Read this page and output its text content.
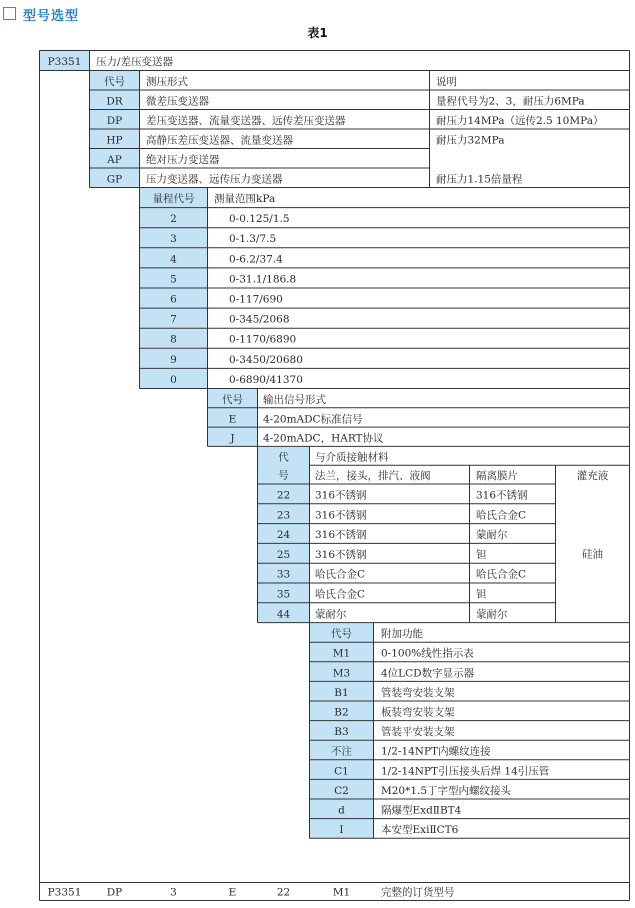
型号选型
表1
P3351 压力/差压变送器
代号 测压形式	说明
DR 微差压变送器	量程代号为2、3，耐压力6MPa
DP 差压变送器、流量变送器、远传差压变送器	耐压力14MPa（远传2.5 10MPa）
HP 高静压差压变送器、流量变送器	耐压力32MPa
AP 绝对压力变送器
GP 压力变送器、远传压力变送器	耐压力1.15倍量程
量程代号 测量范围kPa
2	0-0.125/1.5
3	0-1.3/7.5
4	0-6.2/37.4
5	0-31.1/186.8
6	0-117/690
7	0-345/2068
8	0-1170/6890
9	0-3450/20680
0	0-6890/41370
代号 输出信号形式
E	4-20mADC标准信号
J	4-20mADC，HART协议
代
号
与介质接触材料
法兰，接头，排汽、液阀	隔离膜片	灌充液
22 316不锈钢	316不锈钢
23 316不锈钢	哈氏合金C
24 316不锈钢	蒙耐尔
25 316不锈钢	钽
33 哈氏合金C	哈氏合金C
35 哈氏合金C	钽
44 蒙耐尔	蒙耐尔
硅油
代号	附加功能
M1	0-100%线性指示表
M3	4位LCD数字显示器
B1	管装弯安装支架
B2	板装弯安装支架
B3	管装平安装支架
不注	1/2-14NPT内螺纹连接
C1	1/2-14NPT引压接头后焊 14引压管
C2	M20*1.5丁字型内螺纹接头
d	隔爆型ExdⅡBT4
I	本安型ExiⅡCT6
P3351 DP	3	E	22	M1	完整的订货型号
